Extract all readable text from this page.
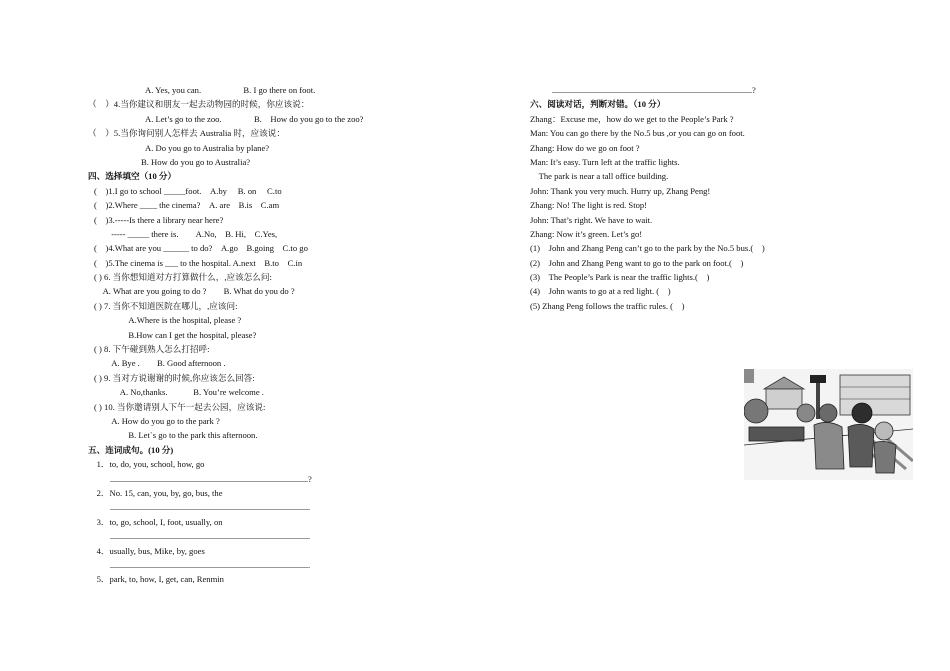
A. Yes, you can.	B. I go there on foot.
（　）4.当你建议和朋友一起去动物园的时候，你应该说：
A. Let’s go to the zoo.	B.　How do you go to the zoo?
（　）5.当你询问别人怎样去 Australia 时，应该说：
A. Do you go to Australia by plane?
B. How do you go to Australia?
四、选择填空（10 分）
(　)1.I go to school _____foot.　A.by　 B. on　 C.to
(　)2.Where ____ the cinema?　A. are　B.is　C.am
(　)3.-----Is there a library near here?
　　----- _____ there is.　　A.No,　B. Hi,　C.Yes,
(　)4.What are you ______ to do?　A.go　B.going　C.to go
(　)5.The cinema is ___ to the hospital. A.next　B.to　C.in
( ) 6. 当你想知道对方打算做什么，,应该怎么问:
　A. What are you going to do ?　　B. What do you do ?
( ) 7. 当你不知道医院在哪儿，,应该问:
　　　　A.Where is the hospital, please ?
　　　　B.How can I get the hospital, please?
( ) 8. 下午碰到熟人怎么打招呼:
　　A. Bye .　　B. Good afternoon .
( ) 9. 当对方说谢谢的时候,你应该怎么回答:
　　　A. No,thanks.　　　B. You’re welcome .
( ) 10. 当你邀请别人下午一起去公园，应该说:
　　A. How do you go to the park ?
　　　　B. Let`s go to the park this afternoon.
五、连词成句。(10 分)
　1．to, do, you, school, how, go
?
　2．No. 15, can, you, by, go, bus, the
.
　3．to, go, school, I, foot, usually, on
.
　4．usually, bus, Mike, by, goes
.
　5．park, to, how, I, get, can, Renmin
?
六、阅读对话，判断对错。（10 分）
Zhang：Excuse me，how do we get to the People’s Park ?
Man: You can go there by the No.5 bus ,or you can go on foot.
Zhang: How do we go on foot ?
Man: It’s easy. Turn left at the traffic lights.
　The park is near a tall office building.
John: Thank you very much. Hurry up, Zhang Peng!
Zhang: No! The light is red. Stop!
John: That’s right. We have to wait.
Zhang: Now it’s green. Let’s go!
(1)　John and Zhang Peng can’t go to the park by the No.5 bus.(　)
(2)　John and Zhang Peng want to go to the park on foot.(　)
(3)　The People’s Park is near the traffic lights.(　)
(4)　John wants to go at a red light. (　)
(5) Zhang Peng follows the traffic rules. (　)
